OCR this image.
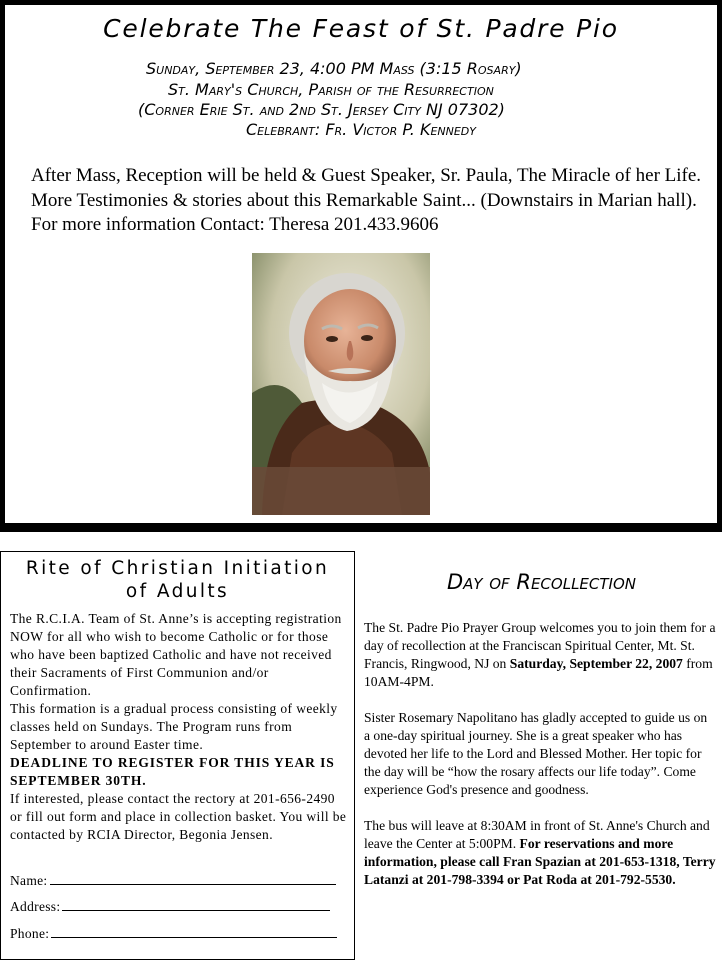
Celebrate The Feast of St. Padre Pio
Sunday, September 23, 4:00 PM Mass (3:15 Rosary)
St. Mary's Church, Parish of the Resurrection
(Corner Erie St. and 2nd St. Jersey City NJ 07302)
Celebrant: Fr. Victor P. Kennedy

After Mass, Reception will be held & Guest Speaker, Sr. Paula, The Miracle of her Life. More Testimonies & stories about this Remarkable Saint... (Downstairs in Marian hall). For more information Contact: Theresa 201.433.9606

Rite of Christian Initiation
of Adults

The R.C.I.A. Team of St. Anne’s is accepting registration NOW for all who wish to become Catholic or for those who have been baptized Catholic and have not received their Sacraments of First Communion and/or Confirmation.

This formation is a gradual process consisting of weekly classes held on Sundays. The Program runs from September to around Easter time.

DEADLINE TO REGISTER FOR THIS YEAR IS SEPTEMBER 30TH.

If interested, please contact the rectory at 201-656-2490 or fill out form and place in collection basket. You will be contacted by RCIA Director, Begonia Jensen.

Name:
Address:
Phone:
Day of Recollection

The St. Padre Pio Prayer Group welcomes you to join them for a day of recollection at the Franciscan Spiritual Center, Mt. St. Francis, Ringwood, NJ on Saturday, September 22, 2007 from 10AM-4PM.

Sister Rosemary Napolitano has gladly accepted to guide us on a one-day spiritual journey. She is a great speaker who has devoted her life to the Lord and Blessed Mother. Her topic for the day will be “how the rosary affects our life today”. Come experience God's presence and goodness.

The bus will leave at 8:30AM in front of St. Anne's Church and leave the Center at 5:00PM. For reservations and more information, please call Fran Spazian at 201-653-1318, Terry Latanzi at 201-798-3394 or Pat Roda at 201-792-5530.
